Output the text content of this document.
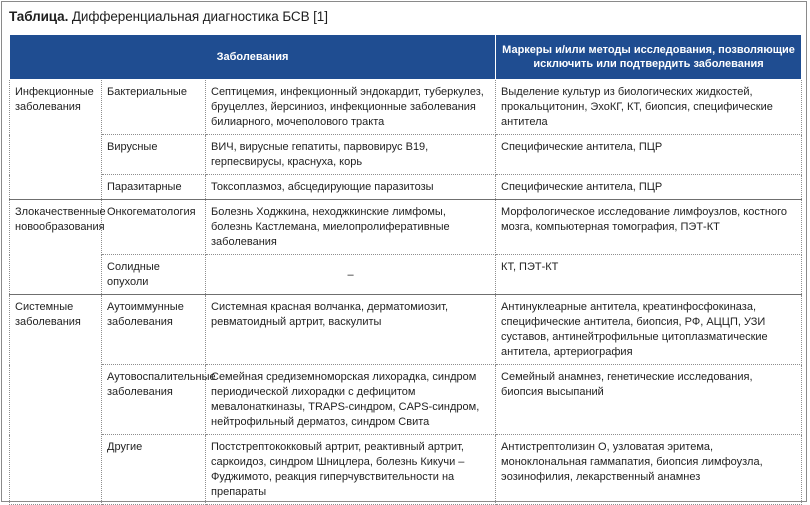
Таблица. Дифференциальная диагностика БСВ [1]
Заболевания			Маркеры и/или методы исследования, позволяющие исключить или подтвердить заболевания
Инфекционные заболевания	Бактериальные	Септицемия, инфекционный эндокардит, туберкулез, бруцеллез, йерсиниоз, инфекционные заболевания билиарного, мочеполового тракта	Выделение культур из биологических жидкостей, прокальцитонин, ЭхоКГ, КТ, биопсия, специфические антитела
	Вирусные	ВИЧ, вирусные гепатиты, парвовирус В19, герпесвирусы, краснуха, корь	Специфические антитела, ПЦР
	Паразитарные	Токсоплазмоз, абсцедирующие паразитозы	Специфические антитела, ПЦР
Злокачественные новообразования	Онкогематология	Болезнь Ходжкина, неходжкинские лимфомы, болезнь Кастлемана, миелопролиферативные заболевания	Морфологическое исследование лимфоузлов, костного мозга, компьютерная томография, ПЭТ-КТ
	Солидные опухоли	–	КТ, ПЭТ-КТ
Системные заболевания	Аутоиммунные заболевания	Системная красная волчанка, дерматомиозит, ревматоидный артрит, васкулиты	Антинуклеарные антитела, креатинфосфокиназа, специфические антитела, биопсия, РФ, АЦЦП, УЗИ суставов, антинейтрофильные цитоплазматические антитела, артериография
	Аутовоспалительные заболевания	Семейная средиземноморская лихорадка, синдром периодической лихорадки с дефицитом мевалонаткиназы, TRAPS-синдром, CAPS-синдром, нейтрофильный дерматоз, синдром Свита	Семейный анамнез, генетические исследования, биопсия высыпаний
	Другие	Постстрептококковый артрит, реактивный артрит, саркоидоз, синдром Шницлера, болезнь Кикучи – Фуджимото, реакция гиперчувствительности на препараты	Антистрептолизин О, узловатая эритема, моноклональная гаммапатия, биопсия лимфоузла, эозинофилия, лекарственный анамнез
